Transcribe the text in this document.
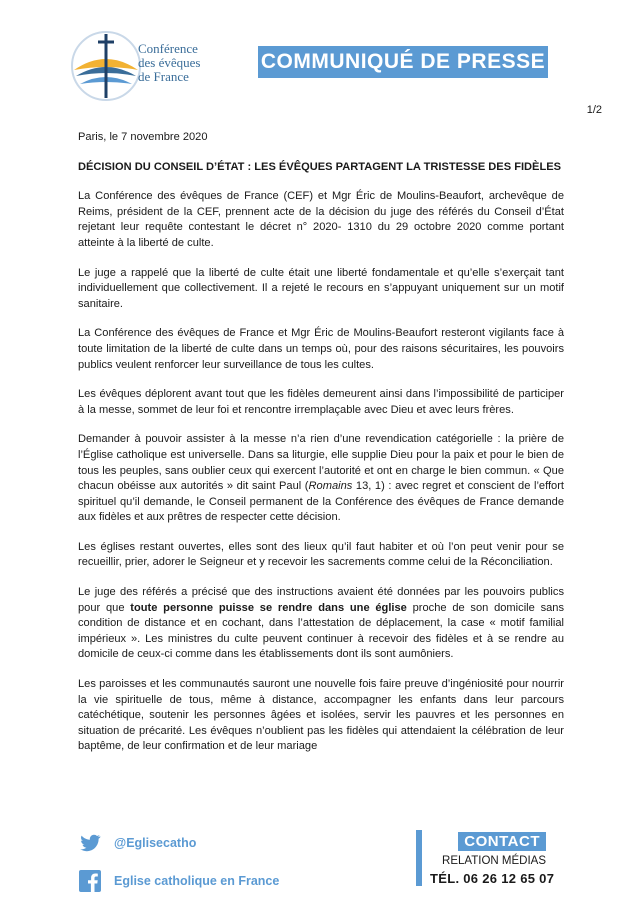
Conférence
des évêques
de France
COMMUNIQUÉ DE PRESSE
1/2

Paris, le 7 novembre 2020

DÉCISION DU CONSEIL D’ÉTAT : LES ÉVÊQUES PARTAGENT LA TRISTESSE DES FIDÈLES

La Conférence des évêques de France (CEF) et Mgr Éric de Moulins-Beaufort, archevêque de Reims, président de la CEF, prennent acte de la décision du juge des référés du Conseil d’État rejetant leur requête contestant le décret n° 2020- 1310 du 29 octobre 2020 comme portant atteinte à la liberté de culte.

Le juge a rappelé que la liberté de culte était une liberté fondamentale et qu’elle s’exerçait tant individuellement que collectivement. Il a rejeté le recours en s’appuyant uniquement sur un motif sanitaire.

La Conférence des évêques de France et Mgr Éric de Moulins-Beaufort resteront vigilants face à toute limitation de la liberté de culte dans un temps où, pour des raisons sécuritaires, les pouvoirs publics veulent renforcer leur surveillance de tous les cultes.

Les évêques déplorent avant tout que les fidèles demeurent ainsi dans l’impossibilité de participer à la messe, sommet de leur foi et rencontre irremplaçable avec Dieu et avec leurs frères.

Demander à pouvoir assister à la messe n’a rien d’une revendication catégorielle : la prière de l’Église catholique est universelle. Dans sa liturgie, elle supplie Dieu pour la paix et pour le bien de tous les peuples, sans oublier ceux qui exercent l’autorité et ont en charge le bien commun. « Que chacun obéisse aux autorités » dit saint Paul (Romains 13, 1) : avec regret et conscient de l’effort spirituel qu’il demande, le Conseil permanent de la Conférence des évêques de France demande aux fidèles et aux prêtres de respecter cette décision.

Les églises restant ouvertes, elles sont des lieux qu’il faut habiter et où l’on peut venir pour se recueillir, prier, adorer le Seigneur et y recevoir les sacrements comme celui de la Réconciliation.

Le juge des référés a précisé que des instructions avaient été données par les pouvoirs publics pour que toute personne puisse se rendre dans une église proche de son domicile sans condition de distance et en cochant, dans l’attestation de déplacement, la case « motif familial impérieux ». Les ministres du culte peuvent continuer à recevoir des fidèles et à se rendre au domicile de ceux-ci comme dans les établissements dont ils sont aumôniers.

Les paroisses et les communautés sauront une nouvelle fois faire preuve d’ingéniosité pour nourrir la vie spirituelle de tous, même à distance, accompagner les enfants dans leur parcours catéchétique, soutenir les personnes âgées et isolées, servir les pauvres et les personnes en situation de précarité. Les évêques n’oublient pas les fidèles qui attendaient la célébration de leur baptême, de leur confirmation et de leur mariage

@Eglisecatho
Eglise catholique en France
CONTACT
RELATION MÉDIAS
TÉL. 06 26 12 65 07
